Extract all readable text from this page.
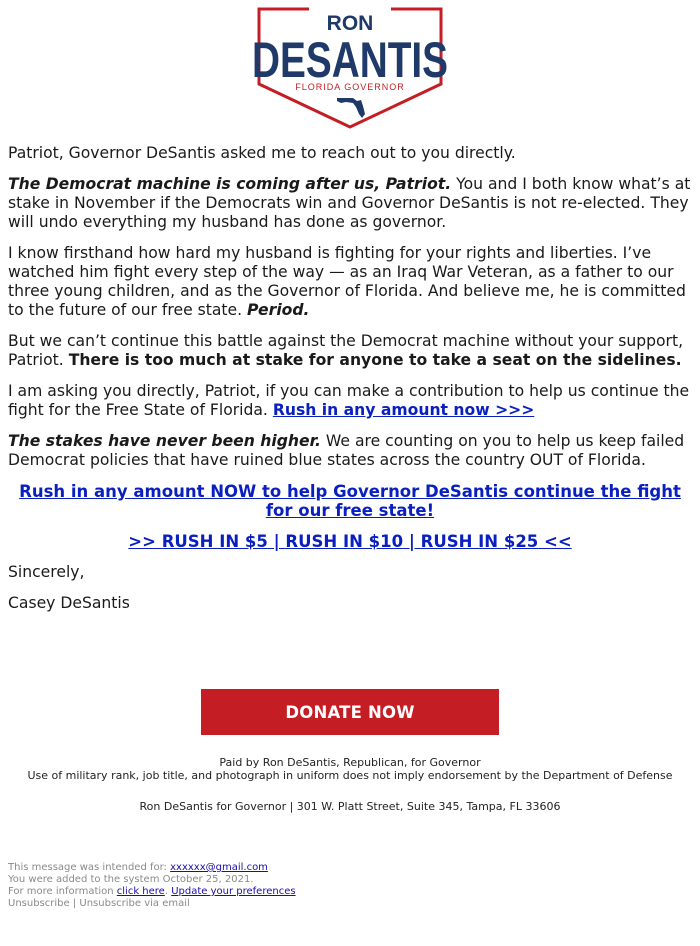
RON
DESANTIS
FLORIDA GOVERNOR

Patriot, Governor DeSantis asked me to reach out to you directly.

The Democrat machine is coming after us, Patriot. You and I both know what’s at stake in November if the Democrats win and Governor DeSantis is not re-elected. They will undo everything my husband has done as governor.

I know firsthand how hard my husband is fighting for your rights and liberties. I’ve watched him fight every step of the way — as an Iraq War Veteran, as a father to our three young children, and as the Governor of Florida. And believe me, he is committed to the future of our free state. Period.

But we can’t continue this battle against the Democrat machine without your support, Patriot. There is too much at stake for anyone to take a seat on the sidelines.

I am asking you directly, Patriot, if you can make a contribution to help us continue the fight for the Free State of Florida. Rush in any amount now >>>

The stakes have never been higher. We are counting on you to help us keep failed Democrat policies that have ruined blue states across the country OUT of Florida.

Rush in any amount NOW to help Governor DeSantis continue the fight for our free state!

>> RUSH IN $5 | RUSH IN $10 | RUSH IN $25 <<

Sincerely,

Casey DeSantis

DONATE NOW
Paid by Ron DeSantis, Republican, for Governor
Use of military rank, job title, and photograph in uniform does not imply endorsement by the Department of Defense
Ron DeSantis for Governor | 301 W. Platt Street, Suite 345, Tampa, FL 33606
This message was intended for: xxxxxx@gmail.com
You were added to the system October 25, 2021.
For more information click here. Update your preferences
Unsubscribe | Unsubscribe via email
